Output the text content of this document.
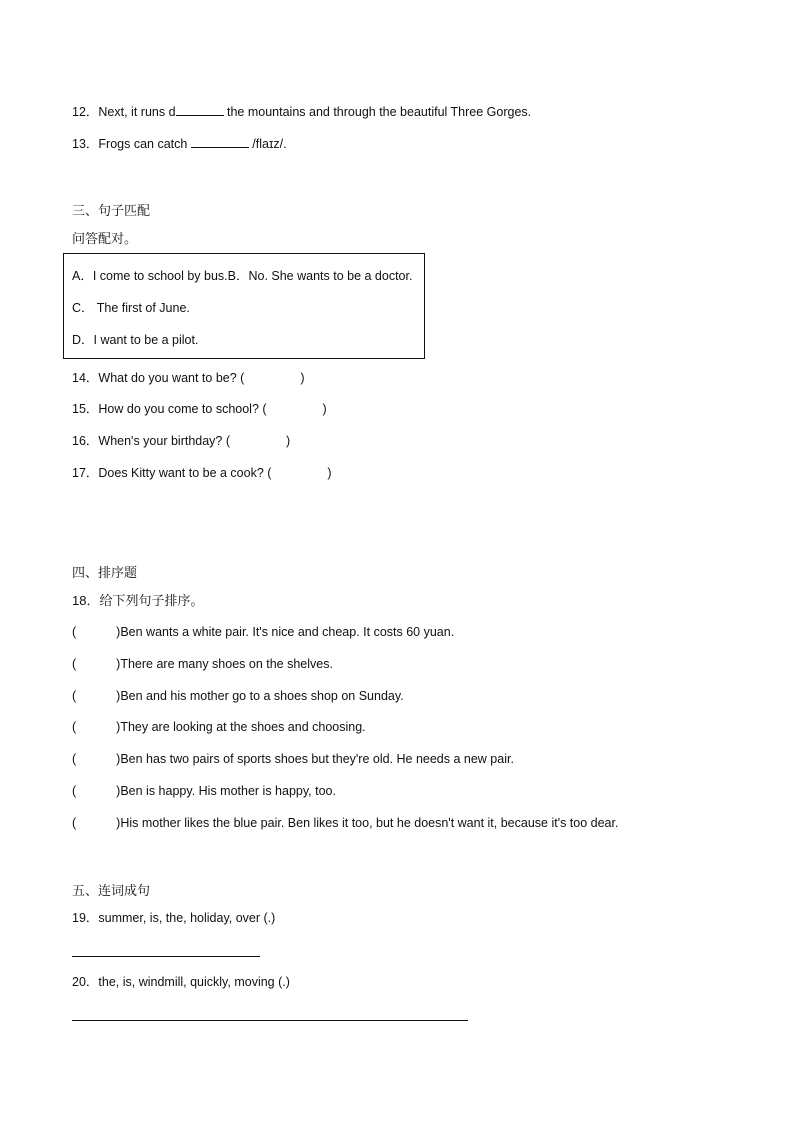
12．Next, it runs d	the mountains and through the beautiful Three Gorges.
13．Frogs can catch	/flaɪz/.
三、句子匹配
问答配对。
A．I come to school by bus.B．No. She wants to be a doctor.
C． The first of June.
D．I want to be a pilot.
14．What do you want to be? (	)
15．How do you come to school? (	)
16．When's your birthday? (	)
17．Does Kitty want to be a cook? (	)
四、排序题
18．给下列句子排序。
(	)Ben wants a white pair. It's nice and cheap. It costs 60 yuan.
(	)There are many shoes on the shelves.
(	)Ben and his mother go to a shoes shop on Sunday.
(	)They are looking at the shoes and choosing.
(	)Ben has two pairs of sports shoes but they're old. He needs a new pair.
(	)Ben is happy. His mother is happy, too.
(	)His mother likes the blue pair. Ben likes it too, but he doesn't want it, because it's too dear.
五、连词成句
19．summer, is, the, holiday, over (.)
20．the, is, windmill, quickly, moving (.)
